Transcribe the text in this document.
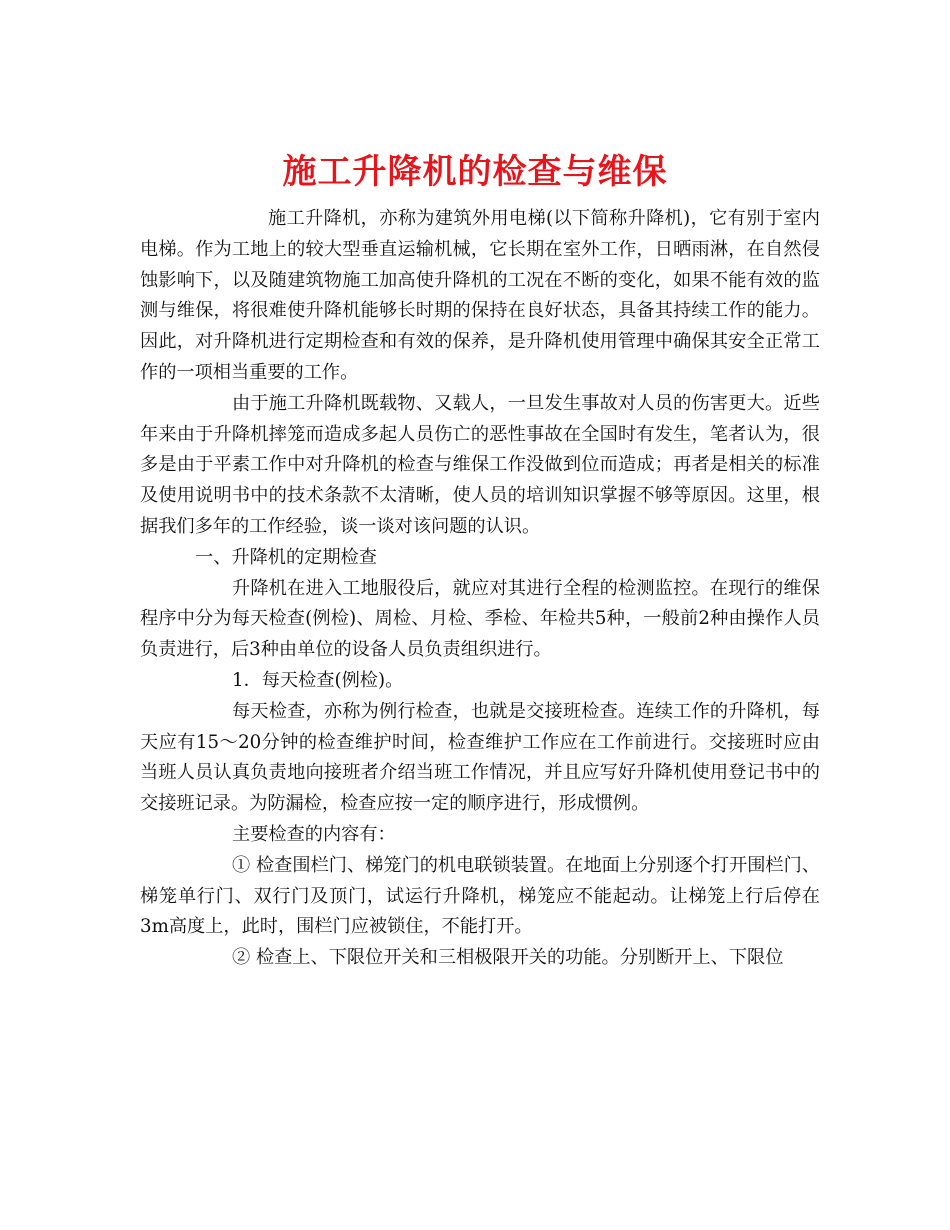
施工升降机的检查与维保

施工升降机，亦称为建筑外用电梯(以下简称升降机)，它有别于室内电梯。作为工地上的较大型垂直运输机械，它长期在室外工作，日晒雨淋，在自然侵蚀影响下，以及随建筑物施工加高使升降机的工况在不断的变化，如果不能有效的监测与维保，将很难使升降机能够长时期的保持在良好状态，具备其持续工作的能力。因此，对升降机进行定期检查和有效的保养，是升降机使用管理中确保其安全正常工作的一项相当重要的工作。

由于施工升降机既载物、又载人，一旦发生事故对人员的伤害更大。近些年来由于升降机摔笼而造成多起人员伤亡的恶性事故在全国时有发生，笔者认为，很多是由于平素工作中对升降机的检查与维保工作没做到位而造成；再者是相关的标准及使用说明书中的技术条款不太清晰，使人员的培训知识掌握不够等原因。这里，根据我们多年的工作经验，谈一谈对该问题的认识。

一、升降机的定期检查

升降机在进入工地服役后，就应对其进行全程的检测监控。在现行的维保程序中分为每天检查(例检)、周检、月检、季检、年检共5种，一般前2种由操作人员负责进行，后3种由单位的设备人员负责组织进行。

1．每天检查(例检)。

每天检查，亦称为例行检查，也就是交接班检查。连续工作的升降机，每天应有15～20分钟的检查维护时间，检查维护工作应在工作前进行。交接班时应由当班人员认真负责地向接班者介绍当班工作情况，并且应写好升降机使用登记书中的交接班记录。为防漏检，检查应按一定的顺序进行，形成惯例。

主要检查的内容有：

① 检查围栏门、梯笼门的机电联锁装置。在地面上分别逐个打开围栏门、梯笼单行门、双行门及顶门，试运行升降机，梯笼应不能起动。让梯笼上行后停在3m高度上，此时，围栏门应被锁住，不能打开。

② 检查上、下限位开关和三相极限开关的功能。分别断开上、下限位
